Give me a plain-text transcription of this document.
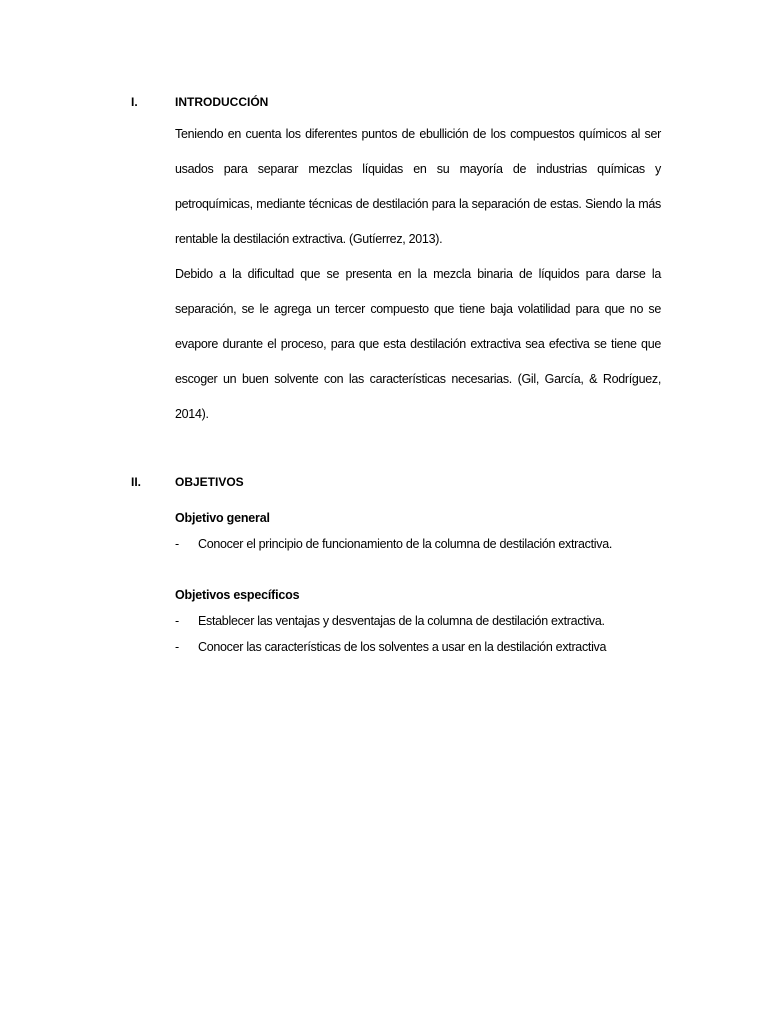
I.	INTRODUCCIÓN

Teniendo en cuenta los diferentes puntos de ebullición de los compuestos químicos al ser usados para separar mezclas líquidas en su mayoría de industrias químicas y petroquímicas, mediante técnicas de destilación para la separación de estas. Siendo la más rentable la destilación extractiva. (Gutíerrez, 2013).

Debido a la dificultad que se presenta en la mezcla binaria de líquidos para darse la separación, se le agrega un tercer compuesto que tiene baja volatilidad para que no se evapore durante el proceso, para que esta destilación extractiva sea efectiva se tiene que escoger un buen solvente con las características necesarias. (Gil, García, & Rodríguez, 2014).

II.	OBJETIVOS
Objetivo general
- Conocer el principio de funcionamiento de la columna de destilación extractiva.
Objetivos específicos
- Establecer las ventajas y desventajas de la columna de destilación extractiva.
- Conocer las características de los solventes a usar en la destilación extractiva
